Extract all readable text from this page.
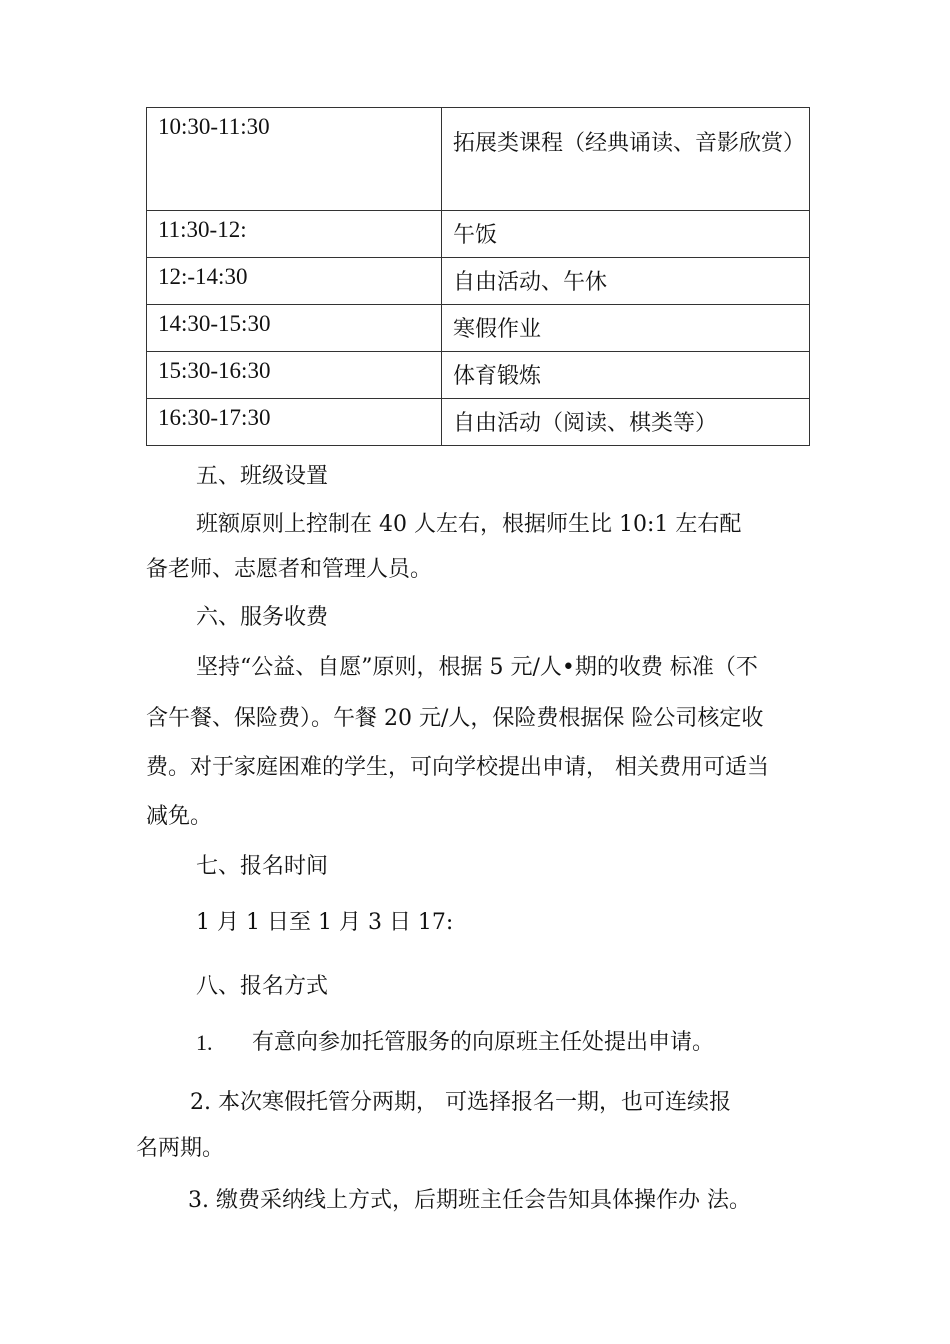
10:30-11:30	拓展类课程（经典诵读、音影欣赏）
11:30-12:	午饭
12:-14:30	自由活动、午休
14:30-15:30	寒假作业
15:30-16:30	体育锻炼
16:30-17:30	自由活动（阅读、棋类等）
五、班级设置
班额原则上控制在 40 人左右，根据师生比 10:1 左右配
备老师、志愿者和管理人员。
六、服务收费
坚持“公益、自愿”原则，根据 5 元/人•期的收费 标准（不
含午餐、保险费）。午餐 20 元/人，保险费根据保 险公司核定收
费。对于家庭困难的学生，可向学校提出申请， 相关费用可适当
减免。
七、报名时间
1 月 1 日至 1 月 3 日 17:
八、报名方式
1. 有意向参加托管服务的向原班主任处提出申请。
2. 本次寒假托管分两期， 可选择报名一期，也可连续报
名两期。
3. 缴费采纳线上方式，后期班主任会告知具体操作办 法。
